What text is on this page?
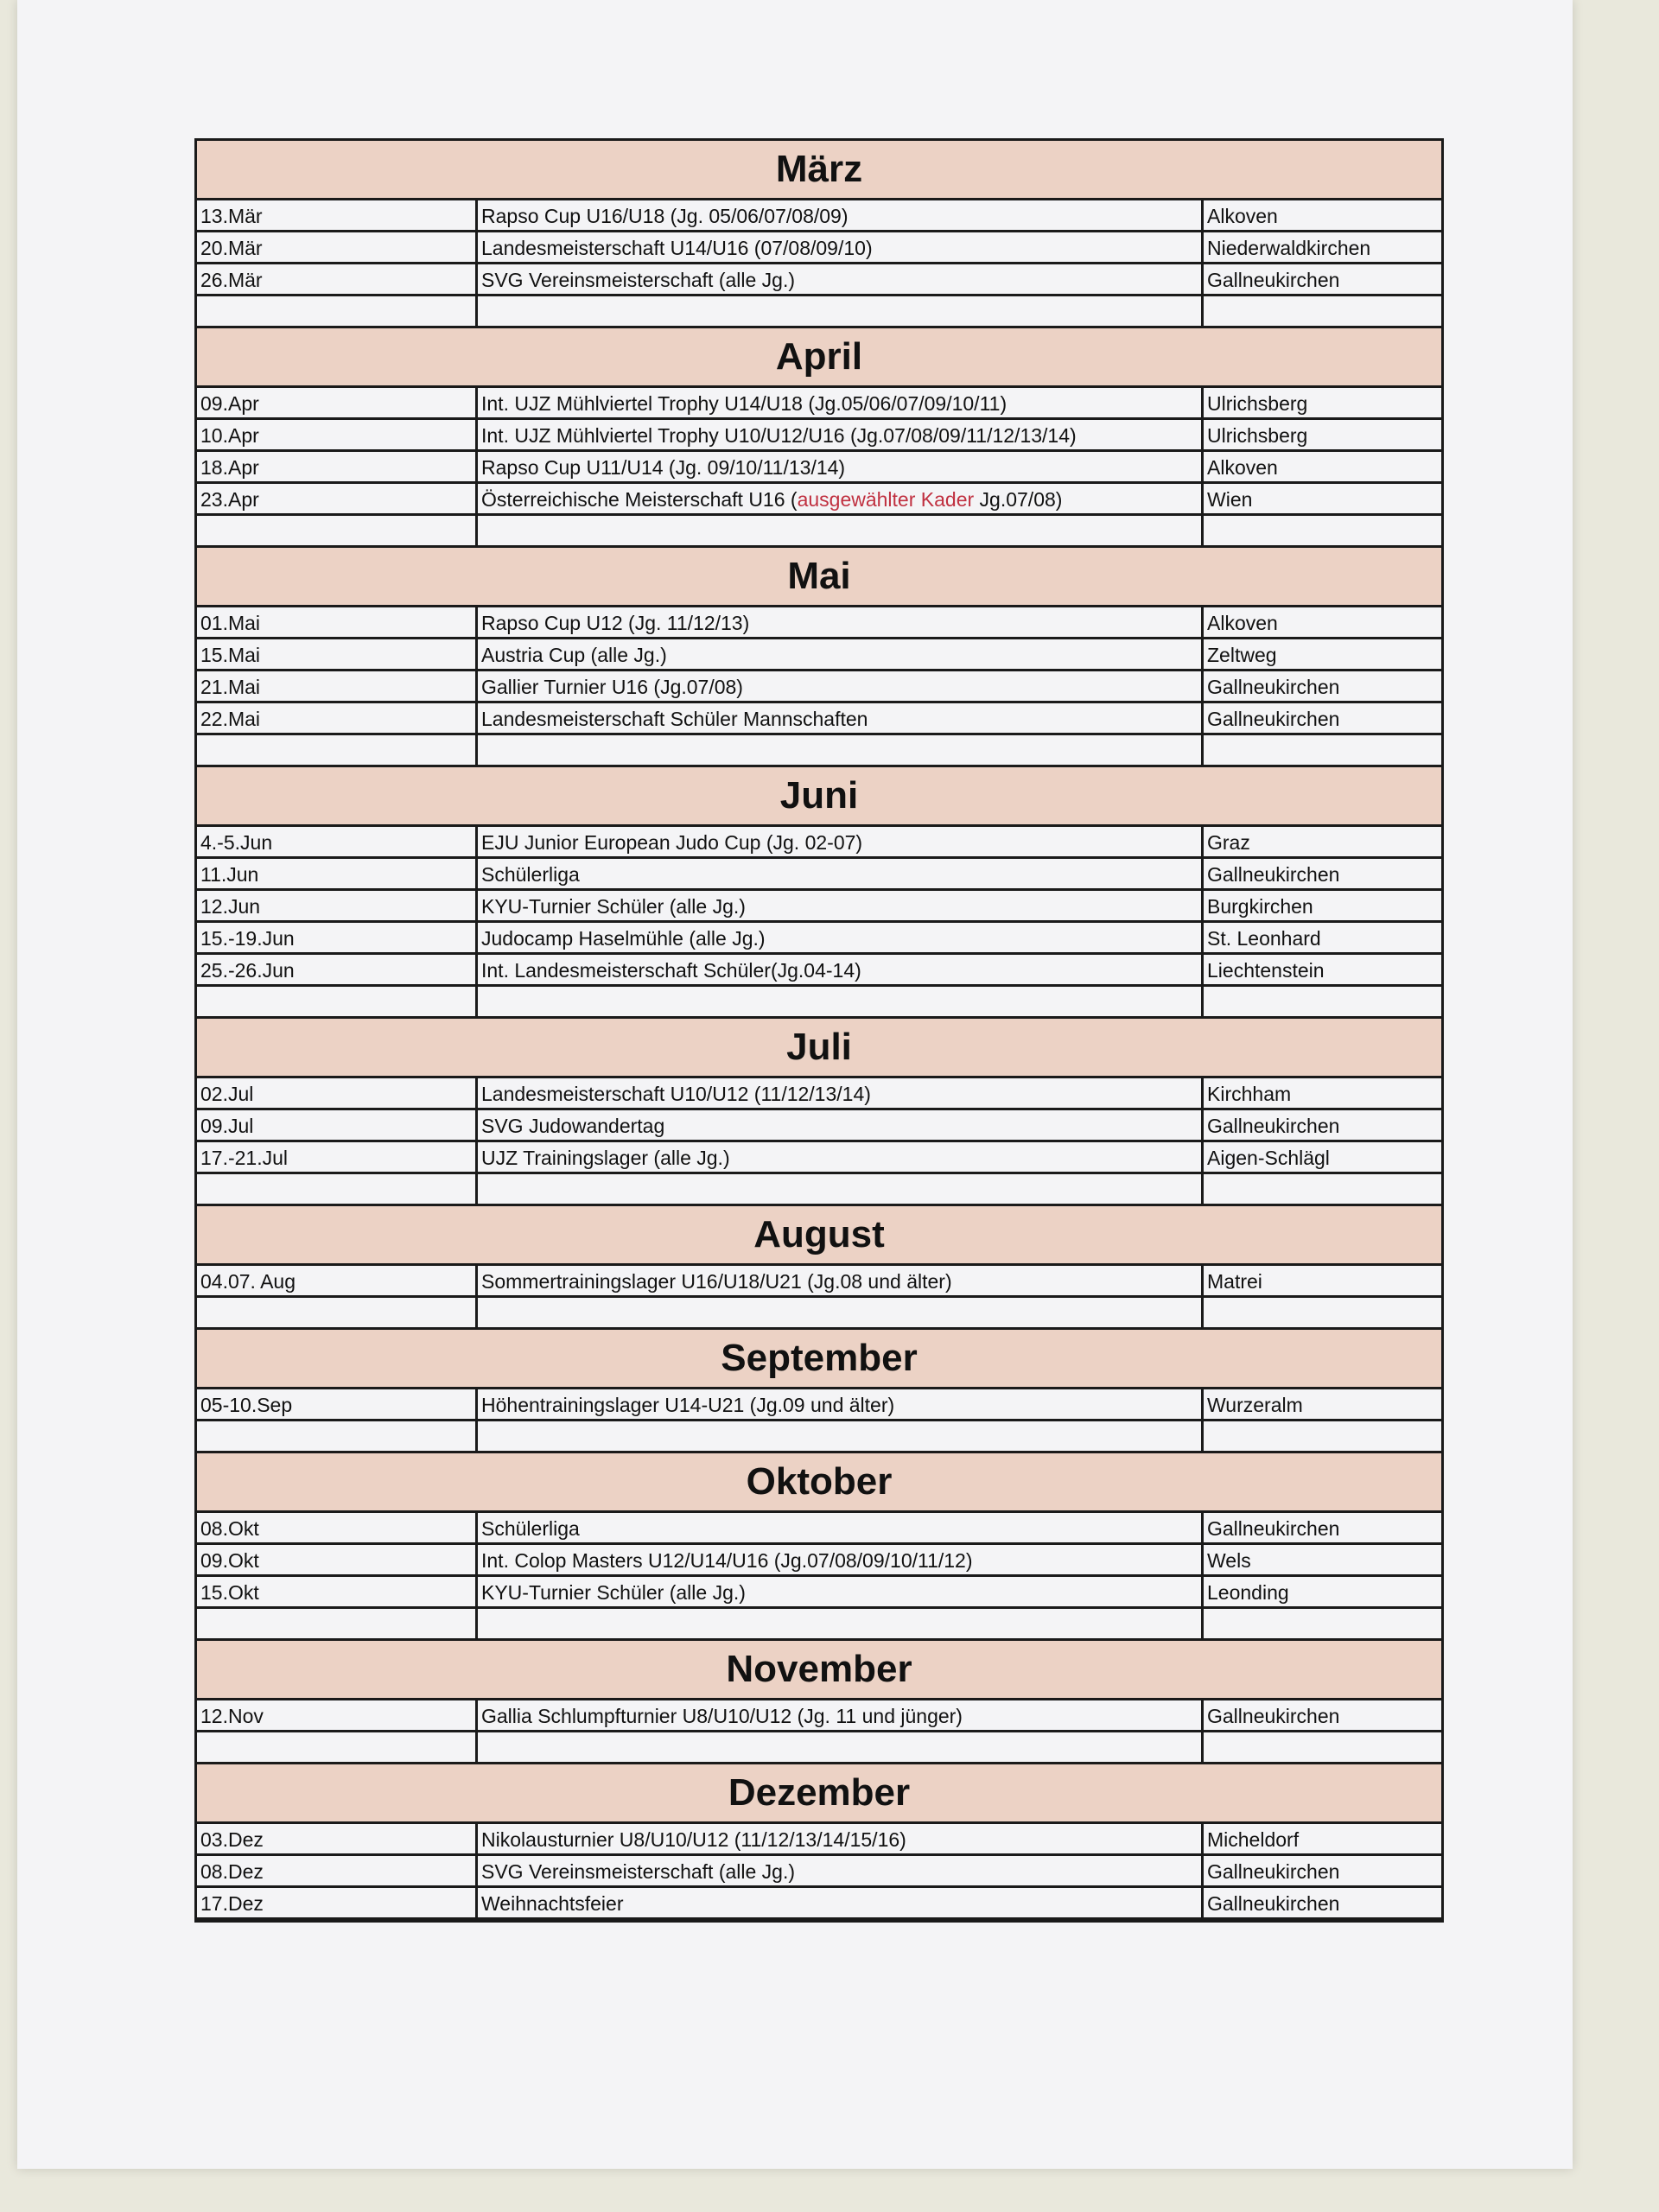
März
13.Mär	Rapso Cup U16/U18 (Jg. 05/06/07/08/09)	Alkoven
20.Mär	Landesmeisterschaft U14/U16 (07/08/09/10)	Niederwaldkirchen
26.Mär	SVG Vereinsmeisterschaft (alle Jg.)	Gallneukirchen
April
09.Apr	Int. UJZ Mühlviertel Trophy U14/U18 (Jg.05/06/07/09/10/11)	Ulrichsberg
10.Apr	Int. UJZ Mühlviertel Trophy U10/U12/U16 (Jg.07/08/09/11/12/13/14)	Ulrichsberg
18.Apr	Rapso Cup U11/U14 (Jg. 09/10/11/13/14)	Alkoven
23.Apr	Österreichische Meisterschaft U16 (ausgewählter Kader Jg.07/08)	Wien
Mai
01.Mai	Rapso Cup U12 (Jg. 11/12/13)	Alkoven
15.Mai	Austria Cup (alle Jg.)	Zeltweg
21.Mai	Gallier Turnier U16 (Jg.07/08)	Gallneukirchen
22.Mai	Landesmeisterschaft Schüler Mannschaften	Gallneukirchen
Juni
4.-5.Jun	EJU Junior European Judo Cup (Jg. 02-07)	Graz
11.Jun	Schülerliga	Gallneukirchen
12.Jun	KYU-Turnier Schüler (alle Jg.)	Burgkirchen
15.-19.Jun	Judocamp Haselmühle (alle Jg.)	St. Leonhard
25.-26.Jun	Int. Landesmeisterschaft Schüler(Jg.04-14)	Liechtenstein
Juli
02.Jul	Landesmeisterschaft U10/U12 (11/12/13/14)	Kirchham
09.Jul	SVG Judowandertag	Gallneukirchen
17.-21.Jul	UJZ Trainingslager (alle Jg.)	Aigen-Schlägl
August
04.07. Aug	Sommertrainingslager U16/U18/U21 (Jg.08 und älter)	Matrei
September
05-10.Sep	Höhentrainingslager U14-U21 (Jg.09 und älter)	Wurzeralm
Oktober
08.Okt	Schülerliga	Gallneukirchen
09.Okt	Int. Colop Masters U12/U14/U16 (Jg.07/08/09/10/11/12)	Wels
15.Okt	KYU-Turnier Schüler (alle Jg.)	Leonding
November
12.Nov	Gallia Schlumpfturnier U8/U10/U12 (Jg. 11 und jünger)	Gallneukirchen
Dezember
03.Dez	Nikolausturnier U8/U10/U12 (11/12/13/14/15/16)	Micheldorf
08.Dez	SVG Vereinsmeisterschaft (alle Jg.)	Gallneukirchen
17.Dez	Weihnachtsfeier	Gallneukirchen
